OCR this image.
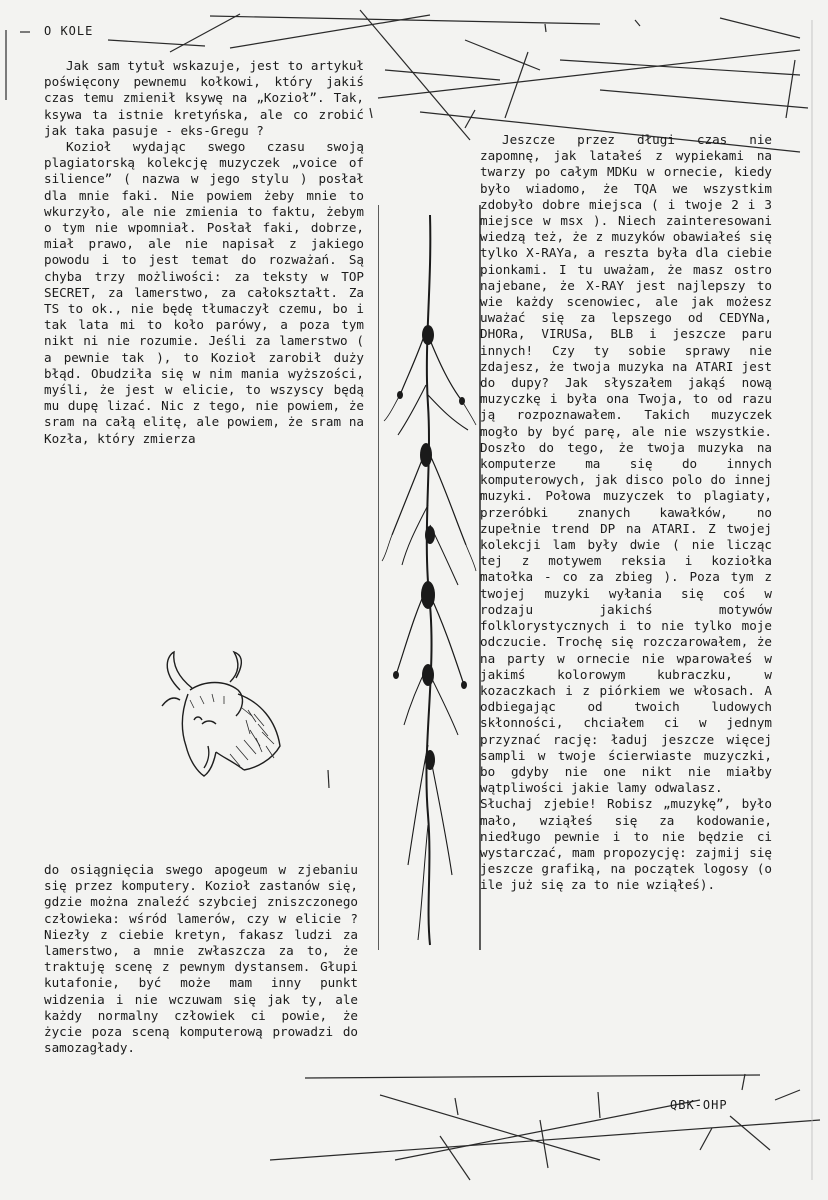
O KOLE

Jak sam tytuł wskazuje, jest to artykuł poświęcony pewnemu kołkowi, który jakiś czas temu zmienił ksywę na „Kozioł”. Tak, ksywa ta istnie kretyńska, ale co zrobić jak taka pasuje - eks-Gregu ?

Kozioł wydając swego czasu swoją plagiatorską kolekcję muzyczek „voice of silience” ( nazwa w jego stylu ) posłał dla mnie faki. Nie powiem żeby mnie to wkurzyło, ale nie zmienia to faktu, żebym o tym nie wpomniał. Posłał faki, dobrze, miał prawo, ale nie napisał z jakiego powodu i to jest temat do rozważań. Są chyba trzy możliwości: za teksty w TOP SECRET, za lamerstwo, za całokształt. Za TS to ok., nie będę tłumaczył czemu, bo i tak lata mi to koło parówy, a poza tym nikt ni nie rozumie. Jeśli za lamerstwo ( a pewnie tak ), to Kozioł zarobił duży błąd. Obudziła się w nim mania wyższości, myśli, że jest w elicie, to wszyscy będą mu dupę lizać. Nic z tego, nie powiem, że sram na całą elitę, ale powiem, że sram na Kozła, który zmierza

do osiągnięcia swego apogeum w zjebaniu się przez komputery. Kozioł zastanów się, gdzie można znaleźć szybciej zniszczonego człowieka: wśród lamerów, czy w elicie ? Niezły z ciebie kretyn, fakasz ludzi za lamerstwo, a mnie zwłaszcza za to, że traktuję scenę z pewnym dystansem. Głupi kutafonie, być może mam inny punkt widzenia i nie wczuwam się jak ty, ale każdy normalny człowiek ci powie, że życie poza sceną komputerową prowadzi do samozagłady.

Jeszcze przez długi czas nie zapomnę, jak latałeś z wypiekami na twarzy po całym MDKu w ornecie, kiedy było wiadomo, że TQA we wszystkim zdobyło dobre miejsca ( i twoje 2 i 3 miejsce w msx ). Niech zainteresowani wiedzą też, że z muzyków obawiałeś się tylko X-RAYa, a reszta była dla ciebie pionkami. I tu uważam, że masz ostro najebane, że X-RAY jest najlepszy to wie każdy scenowiec, ale jak możesz uważać się za lepszego od CEDYNa, DHORa, VIRUSa, BLB i jeszcze paru innych! Czy ty sobie sprawy nie zdajesz, że twoja muzyka na ATARI jest do dupy? Jak słyszałem jakąś nową muzyczkę i była ona Twoja, to od razu ją rozpoznawałem. Takich muzyczek mogło by być parę, ale nie wszystkie. Doszło do tego, że twoja muzyka na komputerze ma się do innych komputerowych, jak disco polo do innej muzyki. Połowa muzyczek to plagiaty, przeróbki znanych kawałków, no zupełnie trend DP na ATARI. Z twojej kolekcji lam były dwie ( nie licząc tej z motywem reksia i koziołka matołka - co za zbieg ). Poza tym z twojej muzyki wyłania się coś w rodzaju jakichś motywów folklorystycznych i to nie tylko moje odczucie. Trochę się rozczarowałem, że na party w ornecie nie wparowałeś w jakimś kolorowym kubraczku, w kozaczkach i z piórkiem we włosach. A odbiegając od twoich ludowych skłonności, chciałem ci w jednym przyznać rację: ładuj jeszcze więcej sampli w twoje ścierwiaste muzyczki, bo gdyby nie one nikt nie miałby wątpliwości jakie lamy odwalasz.

Słuchaj zjebie! Robisz „muzykę”, było mało, wziąłeś się za kodowanie, niedługo pewnie i to nie będzie ci wystarczać, mam propozycję: zajmij się jeszcze grafiką, na początek logosy (o ile już się za to nie wziąłeś).

QBK-OHP
